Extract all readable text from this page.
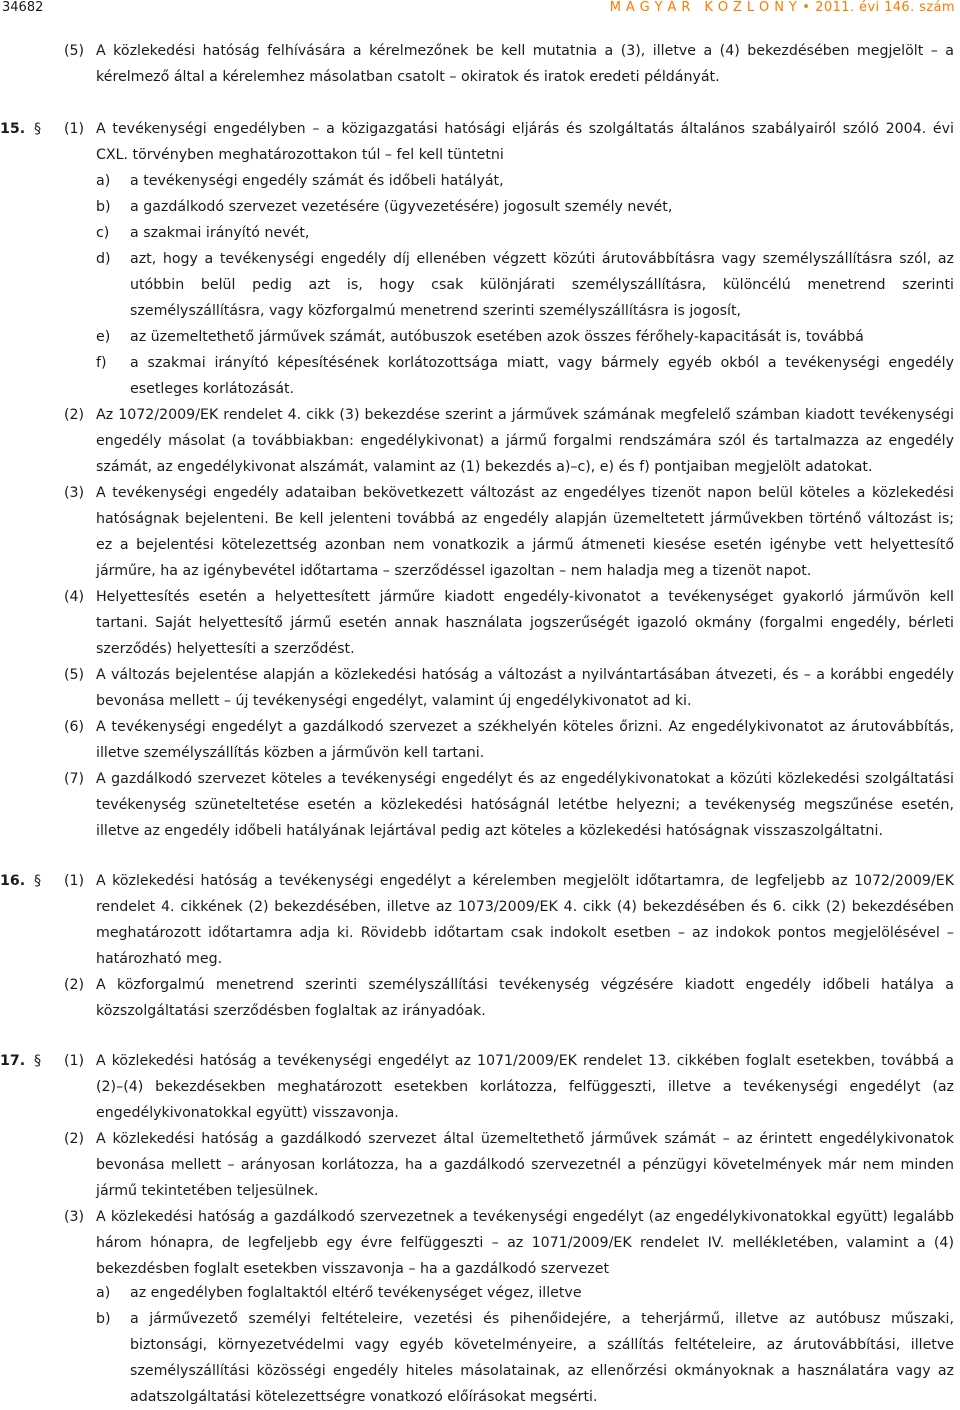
34682	M A G Y A R   K Ö Z L Ö N Y • 2011. évi 146. szám
(5) A közlekedési hatóság felhívására a kérelmezőnek be kell mutatnia a (3), illetve a (4) bekezdésében megjelölt – a kérelmező által a kérelemhez másolatban csatolt – okiratok és iratok eredeti példányát.
15. § (1) A tevékenységi engedélyben – a közigazgatási hatósági eljárás és szolgáltatás általános szabályairól szóló 2004. évi CXL. törvényben meghatározottakon túl – fel kell tüntetni
a) a tevékenységi engedély számát és időbeli hatályát,
b) a gazdálkodó szervezet vezetésére (ügyvezetésére) jogosult személy nevét,
c) a szakmai irányító nevét,
d) azt, hogy a tevékenységi engedély díj ellenében végzett közúti árutovábbításra vagy személyszállításra szól, az utóbbin belül pedig azt is, hogy csak különjárati személyszállításra, különcélú menetrend szerinti személyszállításra, vagy közforgalmú menetrend szerinti személyszállításra is jogosít,
e) az üzemeltethető járművek számát, autóbuszok esetében azok összes férőhely-kapacitását is, továbbá
f) a szakmai irányító képesítésének korlátozottsága miatt, vagy bármely egyéb okból a tevékenységi engedély esetleges korlátozását.
(2) Az 1072/2009/EK rendelet 4. cikk (3) bekezdése szerint a járművek számának megfelelő számban kiadott tevékenységi engedély másolat (a továbbiakban: engedélykivonat) a jármű forgalmi rendszámára szól és tartalmazza az engedély számát, az engedélykivonat alszámát, valamint az (1) bekezdés a)–c), e) és f) pontjaiban megjelölt adatokat.
(3) A tevékenységi engedély adataiban bekövetkezett változást az engedélyes tizenöt napon belül köteles a közlekedési hatóságnak bejelenteni. Be kell jelenteni továbbá az engedély alapján üzemeltetett járművekben történő változást is; ez a bejelentési kötelezettség azonban nem vonatkozik a jármű átmeneti kiesése esetén igénybe vett helyettesítő járműre, ha az igénybevétel időtartama – szerződéssel igazoltan – nem haladja meg a tizenöt napot.
(4) Helyettesítés esetén a helyettesített járműre kiadott engedély-kivonatot a tevékenységet gyakorló járművön kell tartani. Saját helyettesítő jármű esetén annak használata jogszerűségét igazoló okmány (forgalmi engedély, bérleti szerződés) helyettesíti a szerződést.
(5) A változás bejelentése alapján a közlekedési hatóság a változást a nyilvántartásában átvezeti, és – a korábbi engedély bevonása mellett – új tevékenységi engedélyt, valamint új engedélykivonatot ad ki.
(6) A tevékenységi engedélyt a gazdálkodó szervezet a székhelyén köteles őrizni. Az engedélykivonatot az árutovábbítás, illetve személyszállítás közben a járművön kell tartani.
(7) A gazdálkodó szervezet köteles a tevékenységi engedélyt és az engedélykivonatokat a közúti közlekedési szolgáltatási tevékenység szüneteltetése esetén a közlekedési hatóságnál letétbe helyezni; a tevékenység megszűnése esetén, illetve az engedély időbeli hatályának lejártával pedig azt köteles a közlekedési hatóságnak visszaszolgáltatni.
16. § (1) A közlekedési hatóság a tevékenységi engedélyt a kérelemben megjelölt időtartamra, de legfeljebb az 1072/2009/EK rendelet 4. cikkének (2) bekezdésében, illetve az 1073/2009/EK 4. cikk (4) bekezdésében és 6. cikk (2) bekezdésében meghatározott időtartamra adja ki. Rövidebb időtartam csak indokolt esetben – az indokok pontos megjelölésével – határozható meg.
(2) A közforgalmú menetrend szerinti személyszállítási tevékenység végzésére kiadott engedély időbeli hatálya a közszolgáltatási szerződésben foglaltak az irányadóak.
17. § (1) A közlekedési hatóság a tevékenységi engedélyt az 1071/2009/EK rendelet 13. cikkében foglalt esetekben, továbbá a (2)–(4) bekezdésekben meghatározott esetekben korlátozza, felfüggeszti, illetve a tevékenységi engedélyt (az engedélykivonatokkal együtt) visszavonja.
(2) A közlekedési hatóság a gazdálkodó szervezet által üzemeltethető járművek számát – az érintett engedélykivonatok bevonása mellett – arányosan korlátozza, ha a gazdálkodó szervezetnél a pénzügyi követelmények már nem minden jármű tekintetében teljesülnek.
(3) A közlekedési hatóság a gazdálkodó szervezetnek a tevékenységi engedélyt (az engedélykivonatokkal együtt) legalább három hónapra, de legfeljebb egy évre felfüggeszti – az 1071/2009/EK rendelet IV. mellékletében, valamint a (4) bekezdésben foglalt esetekben visszavonja – ha a gazdálkodó szervezet
a) az engedélyben foglaltaktól eltérő tevékenységet végez, illetve
b) a járművezető személyi feltételeire, vezetési és pihenőidejére, a teherjármű, illetve az autóbusz műszaki, biztonsági, környezetvédelmi vagy egyéb követelményeire, a szállítás feltételeire, az árutovábbítási, illetve személyszállítási közösségi engedély hiteles másolatainak, az ellenőrzési okmányoknak a használatára vagy az adatszolgáltatási kötelezettségre vonatkozó előírásokat megsérti.
